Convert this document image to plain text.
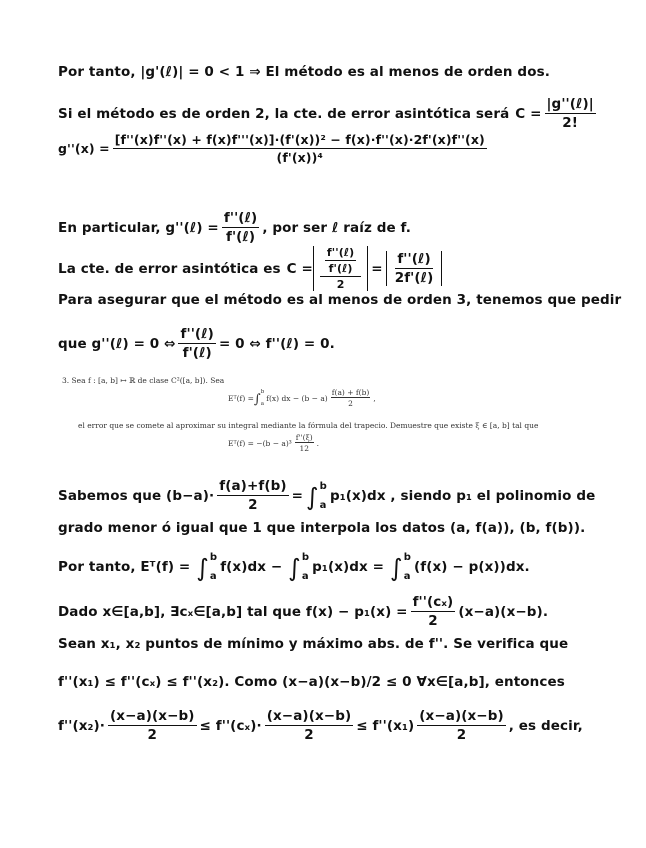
Por tanto, |g'(ℓ)| = 0 < 1 ⇒ El método es al menos de orden dos.
Si el método es de orden 2, la cte. de error asintótica será $C = \frac{\text{|g''(ℓ)|}}{2!}$
g''(x) =
[f''(x)f''(x) + f(x)f'''(x)]·(f'(x))² − f(x)·f''(x)·2f'(x)f''(x)
(f'(x))⁴
En particular, g''(ℓ) = $\frac{\text{f''(ℓ)}}{\text{f'(ℓ)}}$ , por ser ℓ raíz de f.
La cte. de error asintótica es $C = \frac{\frac{\text{f''(ℓ)}}{\text{f'(ℓ)}}}{2} = \frac{\text{f''(ℓ)}}{\text{2f'(ℓ)}}$
Para asegurar que el método es al menos de orden 3, tenemos que pedir
que g''(ℓ) = 0 ⇔ $\frac{\text{f''(ℓ)}}{\text{f'(ℓ)}} = 0$ ⇔ f''(ℓ) = 0.
3. Sea f : [a, b] ↦ ℝ de clase C²([a, b]). Sea
Eᵀ(f) = ∫ b
a
f(x) dx − $(b - a) \frac{f(a) + f(b)}{2}$ ,
el error que se comete al aproximar su integral mediante la fórmula del trapecio. Demuestre que existe ξ ∈ [a, b] tal que
Eᵀ(f) = $-(b - a)^3 \frac{f''(\xi)}{12}$ .
Sabemos que $(b-a)\cdot \frac{f(a)+f(b)}{2}$ = ∫ b
a
p₁(x)dx , siendo p₁ el polinomio de
grado menor ó igual que 1 que interpola los datos (a, f(a)), (b, f(b)).
Por tanto, Eᵀ(f) = ∫ b
a
f(x)dx − ∫ b
a
p₁(x)dx = ∫ b
a
(f(x) − p(x))dx.
Dado x∈[a,b], ∃cₓ∈[a,b] tal que $f(x) - p_1(x) = \frac{\text{f''(cₓ)}}{2} (x-a)(x-b)$.
Sean x₁, x₂ puntos de mínimo y máximo abs. de f''. Se verifica que
f''(x₁) ≤ f''(cₓ) ≤ f''(x₂). Como (x−a)(x−b)/2 ≤ 0 ∀x∈[a,b], entonces
$f''(x_2)\cdot \frac{(x-a)(x-b)}{2} \le f''(c_x)\cdot \frac{(x-a)(x-b)}{2} \le f''(x_1) \frac{(x-a)(x-b)}{2}$ , es decir,
